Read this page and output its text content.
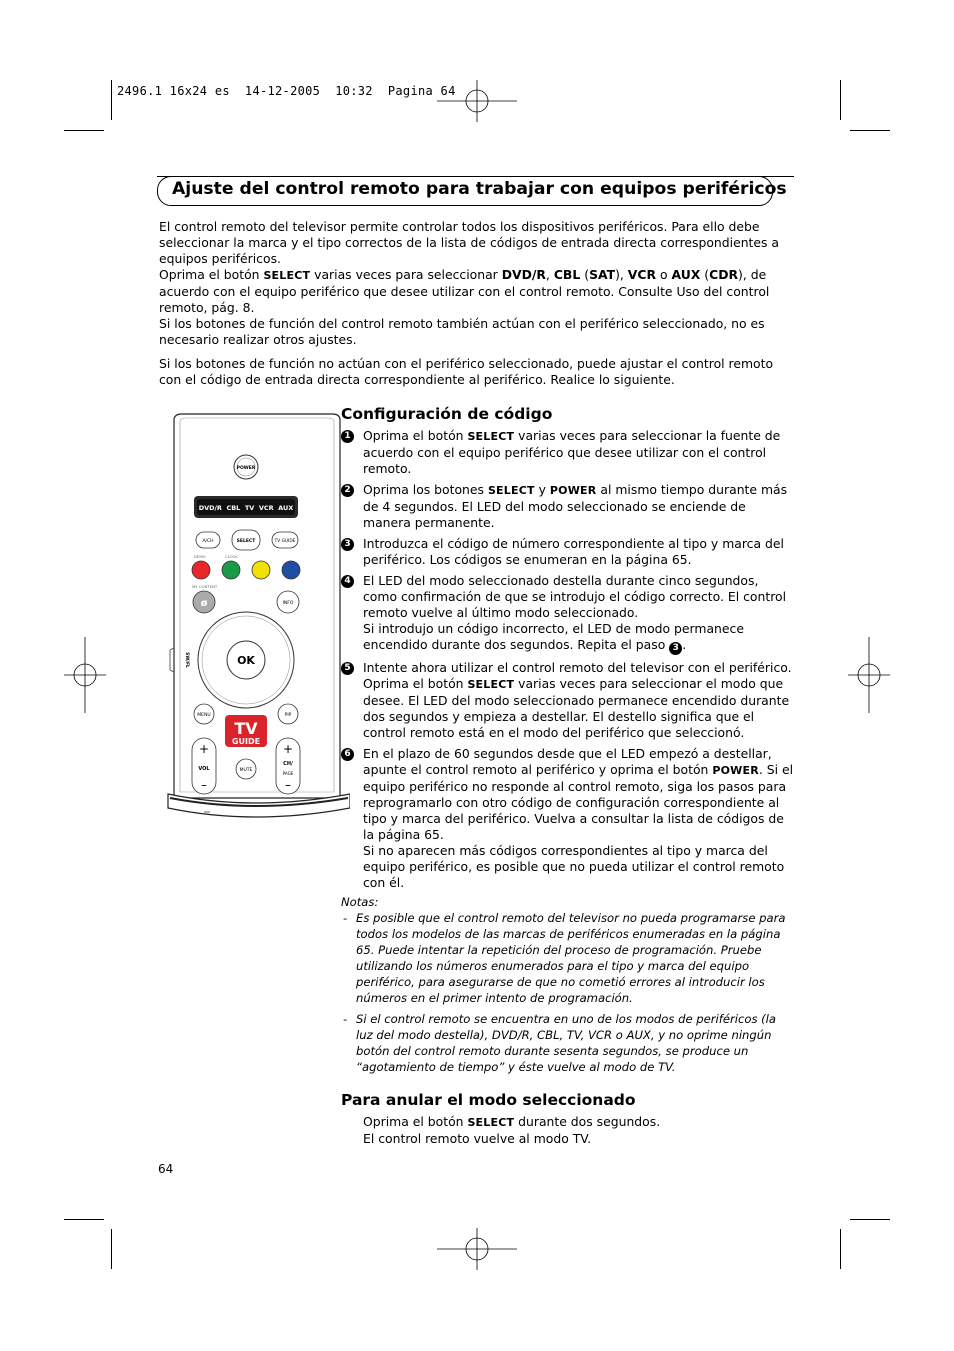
2496.1 16x24 es  14-12-2005  10:32  Pagina 64
Ajuste del control remoto para trabajar con equipos periféricos

El control remoto del televisor permite controlar todos los dispositivos periféricos. Para ello debe seleccionar la marca y el tipo correctos de la lista de códigos de entrada directa correspondientes a equipos periféricos.

Oprima el botón SELECT varias veces para seleccionar DVD/R, CBL (SAT), VCR o AUX (CDR), de acuerdo con el equipo periférico que desee utilizar con el control remoto. Consulte Uso del control remoto, pág. 8.

Si los botones de función del control remoto también actúan con el periférico seleccionado, no es necesario realizar otros ajustes.

Si los botones de función no actúan con el periférico seleccionado, puede ajustar el control remoto con el código de entrada directa correspondiente al periférico. Realice lo siguiente.

POWER
DVD/R  CBL  TV  VCR  AUX
A/CH	SELECT	TV GUIDE
DEMO	CLOCK
MY CONTENT
ø	INFO
OK
SW/FL
MENU	PIP
TV
GUIDE
+
VOL
–
MUTE
+
CH/
PAGE
–
Configuración de código
1 Oprima el botón SELECT varias veces para seleccionar la fuente de acuerdo con el equipo periférico que desee utilizar con el control remoto.

2 Oprima los botones SELECT y POWER al mismo tiempo durante más de 4 segundos. El LED del modo seleccionado se enciende de manera permanente.

3 Introduzca el código de número correspondiente al tipo y marca del periférico. Los códigos se enumeran en la página 65.

4 El LED del modo seleccionado destella durante cinco segundos, como confirmación de que se introdujo el código correcto. El control remoto vuelve al último modo seleccionado.

Si introdujo un código incorrecto, el LED de modo permanece encendido durante dos segundos. Repita el paso 3 .

5 Intente ahora utilizar el control remoto del televisor con el periférico. Oprima el botón SELECT varias veces para seleccionar el modo que desee. El LED del modo seleccionado permanece encendido durante dos segundos y empieza a destellar. El destello significa que el control remoto está en el modo del periférico que seleccionó.

6 En el plazo de 60 segundos desde que el LED empezó a destellar, apunte el control remoto al periférico y oprima el botón POWER. Si el equipo periférico no responde al control remoto, siga los pasos para reprogramarlo con otro código de configuración correspondiente al tipo y marca del periférico. Vuelva a consultar la lista de códigos de la página 65.

Si no aparecen más códigos correspondientes al tipo y marca del equipo periférico, es posible que no pueda utilizar el control remoto con él.

Notas:

- Es posible que el control remoto del televisor no pueda programarse para todos los modelos de las marcas de periféricos enumeradas en la página 65. Puede intentar la repetición del proceso de programación. Pruebe utilizando los números enumerados para el tipo y marca del equipo periférico, para asegurarse de que no cometió errores al introducir los números en el primer intento de programación.
- Si el control remoto se encuentra en uno de los modos de periféricos (la luz del modo destella), DVD/R, CBL, TV, VCR o AUX, y no oprime ningún botón del control remoto durante sesenta segundos, se produce un “agotamiento de tiempo” y éste vuelve al modo de TV.
Para anular el modo seleccionado

Oprima el botón SELECT durante dos segundos.

El control remoto vuelve al modo TV.

64
